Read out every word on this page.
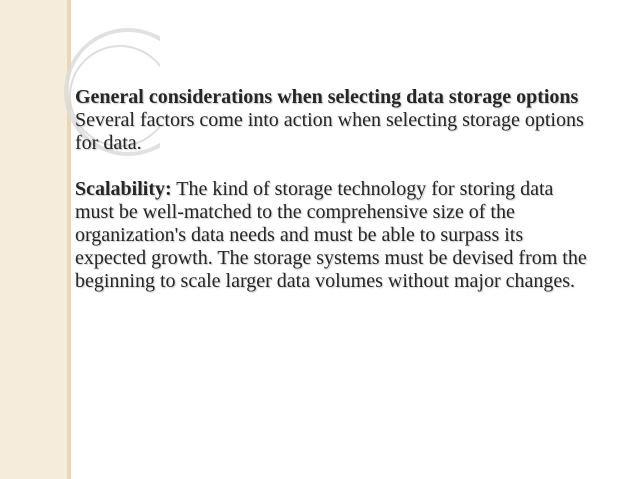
General considerations when selecting data storage options

Several factors come into action when selecting storage options for data.

Scalability: The kind of storage technology for storing data must be well-matched to the comprehensive size of the organization's data needs and must be able to surpass its expected growth. The storage systems must be devised from the beginning to scale larger data volumes without major changes.
